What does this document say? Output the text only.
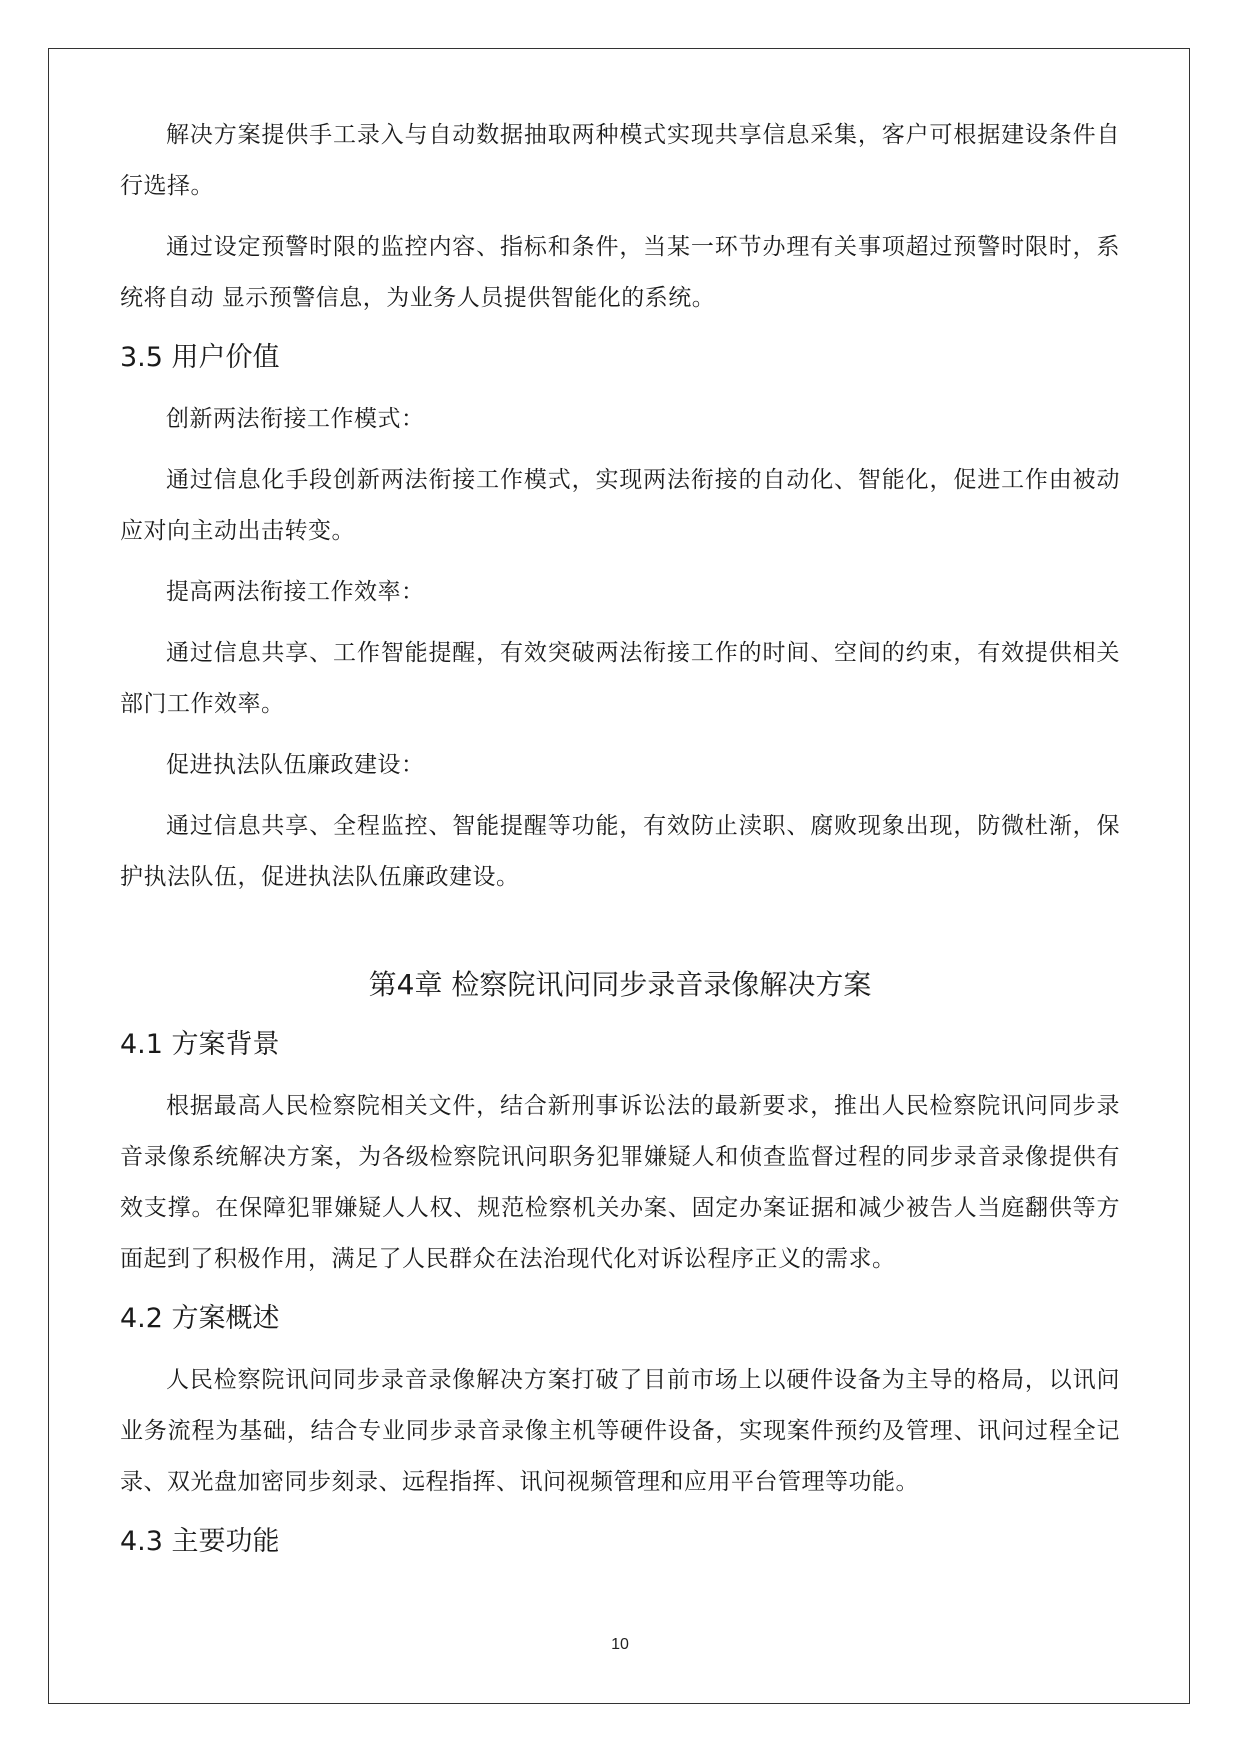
解决方案提供手工录入与自动数据抽取两种模式实现共享信息采集，客户可根据建设条件自行选择。

通过设定预警时限的监控内容、指标和条件，当某一环节办理有关事项超过预警时限时，系统将自动 显示预警信息，为业务人员提供智能化的系统。

3.5 用户价值

创新两法衔接工作模式：

通过信息化手段创新两法衔接工作模式，实现两法衔接的自动化、智能化，促进工作由被动应对向主动出击转变。

提高两法衔接工作效率：

通过信息共享、工作智能提醒，有效突破两法衔接工作的时间、空间的约束，有效提供相关部门工作效率。

促进执法队伍廉政建设：

通过信息共享、全程监控、智能提醒等功能，有效防止渎职、腐败现象出现，防微杜渐，保护执法队伍，促进执法队伍廉政建设。

第4章 检察院讯问同步录音录像解决方案
4.1 方案背景

根据最高人民检察院相关文件，结合新刑事诉讼法的最新要求，推出人民检察院讯问同步录音录像系统解决方案，为各级检察院讯问职务犯罪嫌疑人和侦查监督过程的同步录音录像提供有效支撑。在保障犯罪嫌疑人人权、规范检察机关办案、固定办案证据和减少被告人当庭翻供等方面起到了积极作用，满足了人民群众在法治现代化对诉讼程序正义的需求。

4.2 方案概述

人民检察院讯问同步录音录像解决方案打破了目前市场上以硬件设备为主导的格局，以讯问业务流程为基础，结合专业同步录音录像主机等硬件设备，实现案件预约及管理、讯问过程全记录、双光盘加密同步刻录、远程指挥、讯问视频管理和应用平台管理等功能。

4.3 主要功能
10
